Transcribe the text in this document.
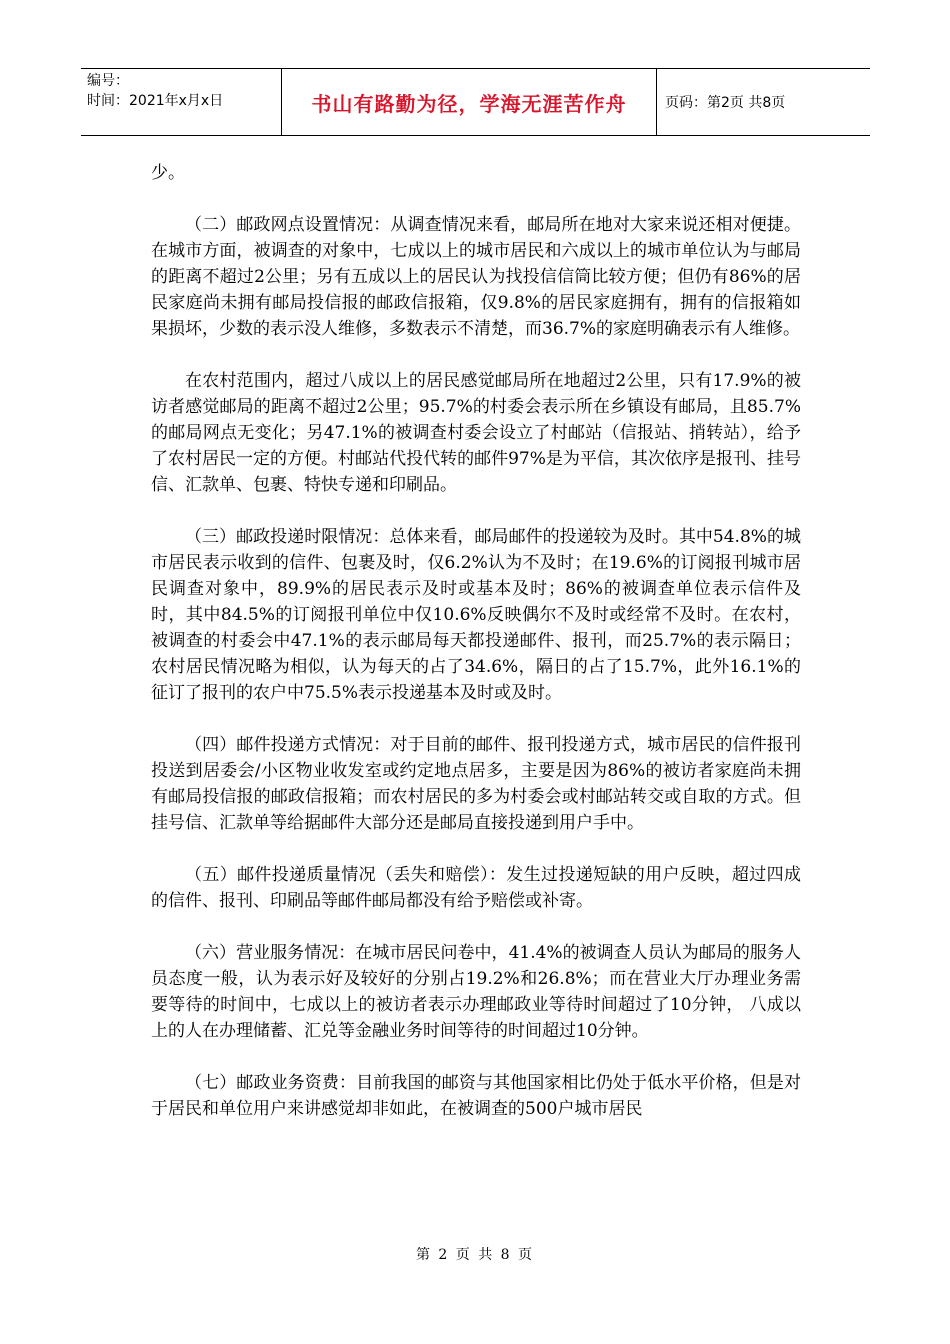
编号：
时间：2021年x月x日	书山有路勤为径，学海无涯苦作舟	页码：第2页 共8页

少。

（二）邮政网点设置情况：从调查情况来看，邮局所在地对大家来说还相对便捷。在城市方面，被调查的对象中，七成以上的城市居民和六成以上的城市单位认为与邮局的距离不超过2公里；另有五成以上的居民认为找投信信筒比较方便；但仍有86%的居民家庭尚未拥有邮局投信报的邮政信报箱，仅9.8%的居民家庭拥有，拥有的信报箱如果损坏，少数的表示没人维修，多数表示不清楚，而36.7%的家庭明确表示有人维修。

在农村范围内，超过八成以上的居民感觉邮局所在地超过2公里，只有17.9%的被访者感觉邮局的距离不超过2公里；95.7%的村委会表示所在乡镇设有邮局，且85.7%的邮局网点无变化；另47.1%的被调查村委会设立了村邮站（信报站、捎转站），给予了农村居民一定的方便。村邮站代投代转的邮件97%是为平信，其次依序是报刊、挂号信、汇款单、包裹、特快专递和印刷品。

（三）邮政投递时限情况：总体来看，邮局邮件的投递较为及时。其中54.8%的城市居民表示收到的信件、包裹及时，仅6.2%认为不及时；在19.6%的订阅报刊城市居民调查对象中，89.9%的居民表示及时或基本及时；86%的被调查单位表示信件及时，其中84.5%的订阅报刊单位中仅10.6%反映偶尔不及时或经常不及时。在农村，被调查的村委会中47.1%的表示邮局每天都投递邮件、报刊，而25.7%的表示隔日；农村居民情况略为相似，认为每天的占了34.6%，隔日的占了15.7%，此外16.1%的征订了报刊的农户中75.5%表示投递基本及时或及时。

（四）邮件投递方式情况：对于目前的邮件、报刊投递方式，城市居民的信件报刊投送到居委会/小区物业收发室或约定地点居多，主要是因为86%的被访者家庭尚未拥有邮局投信报的邮政信报箱；而农村居民的多为村委会或村邮站转交或自取的方式。但挂号信、汇款单等给据邮件大部分还是邮局直接投递到用户手中。

（五）邮件投递质量情况（丢失和赔偿）：发生过投递短缺的用户反映，超过四成的信件、报刊、印刷品等邮件邮局都没有给予赔偿或补寄。

（六）营业服务情况：在城市居民问卷中，41.4%的被调查人员认为邮局的服务人员态度一般，认为表示好及较好的分别占19.2%和26.8%；而在营业大厅办理业务需要等待的时间中，七成以上的被访者表示办理邮政业等待时间超过了10分钟， 八成以上的人在办理储蓄、汇兑等金融业务时间等待的时间超过10分钟。

（七）邮政业务资费：目前我国的邮资与其他国家相比仍处于低水平价格，但是对于居民和单位用户来讲感觉却非如此，在被调查的500户城市居民

第 2 页 共 8 页
